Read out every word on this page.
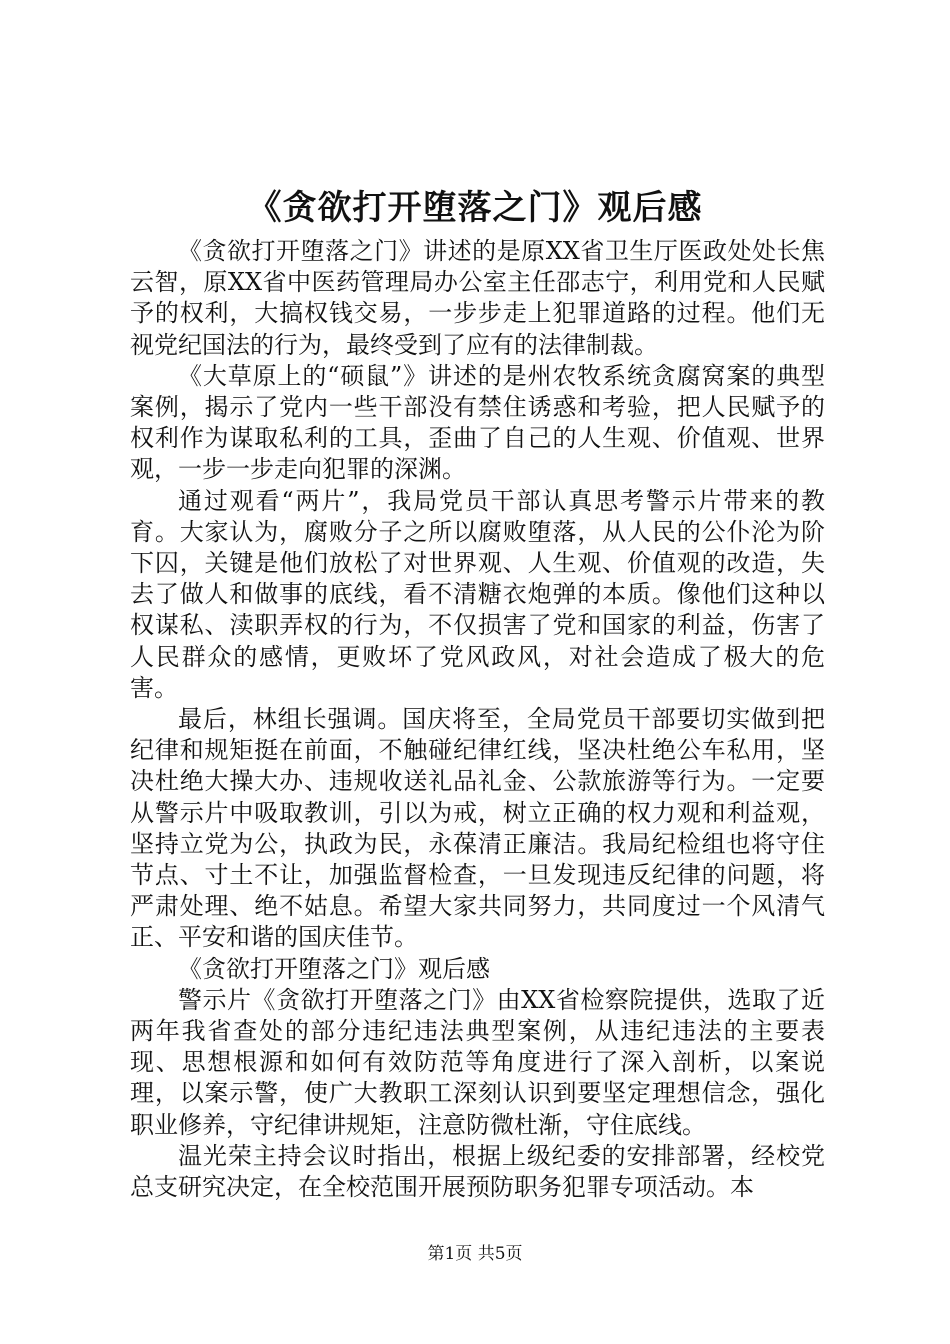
《贪欲打开堕落之门》观后感

《贪欲打开堕落之门》讲述的是原XX省卫生厅医政处处长焦云智，原XX省中医药管理局办公室主任邵志宁，利用党和人民赋予的权利，大搞权钱交易，一步步走上犯罪道路的过程。他们无视党纪国法的行为，最终受到了应有的法律制裁。

《大草原上的“硕鼠”》讲述的是州农牧系统贪腐窝案的典型案例，揭示了党内一些干部没有禁住诱惑和考验，把人民赋予的权利作为谋取私利的工具，歪曲了自己的人生观、价值观、世界观，一步一步走向犯罪的深渊。

通过观看“两片”，我局党员干部认真思考警示片带来的教育。大家认为，腐败分子之所以腐败堕落，从人民的公仆沦为阶下囚，关键是他们放松了对世界观、人生观、价值观的改造，失去了做人和做事的底线，看不清糖衣炮弹的本质。像他们这种以权谋私、渎职弄权的行为，不仅损害了党和国家的利益，伤害了人民群众的感情，更败坏了党风政风，对社会造成了极大的危害。

最后，林组长强调。国庆将至，全局党员干部要切实做到把纪律和规矩挺在前面，不触碰纪律红线，坚决杜绝公车私用，坚决杜绝大操大办、违规收送礼品礼金、公款旅游等行为。一定要从警示片中吸取教训，引以为戒，树立正确的权力观和利益观，坚持立党为公，执政为民，永葆清正廉洁。我局纪检组也将守住节点、寸土不让，加强监督检查，一旦发现违反纪律的问题，将严肃处理、绝不姑息。希望大家共同努力，共同度过一个风清气正、平安和谐的国庆佳节。

《贪欲打开堕落之门》观后感

警示片《贪欲打开堕落之门》由XX省检察院提供，选取了近两年我省查处的部分违纪违法典型案例，从违纪违法的主要表现、思想根源和如何有效防范等角度进行了深入剖析，以案说理，以案示警，使广大教职工深刻认识到要坚定理想信念，强化职业修养，守纪律讲规矩，注意防微杜渐，守住底线。

温光荣主持会议时指出，根据上级纪委的安排部署，经校党总支研究决定，在全校范围开展预防职务犯罪专项活动。本

第1页 共5页
